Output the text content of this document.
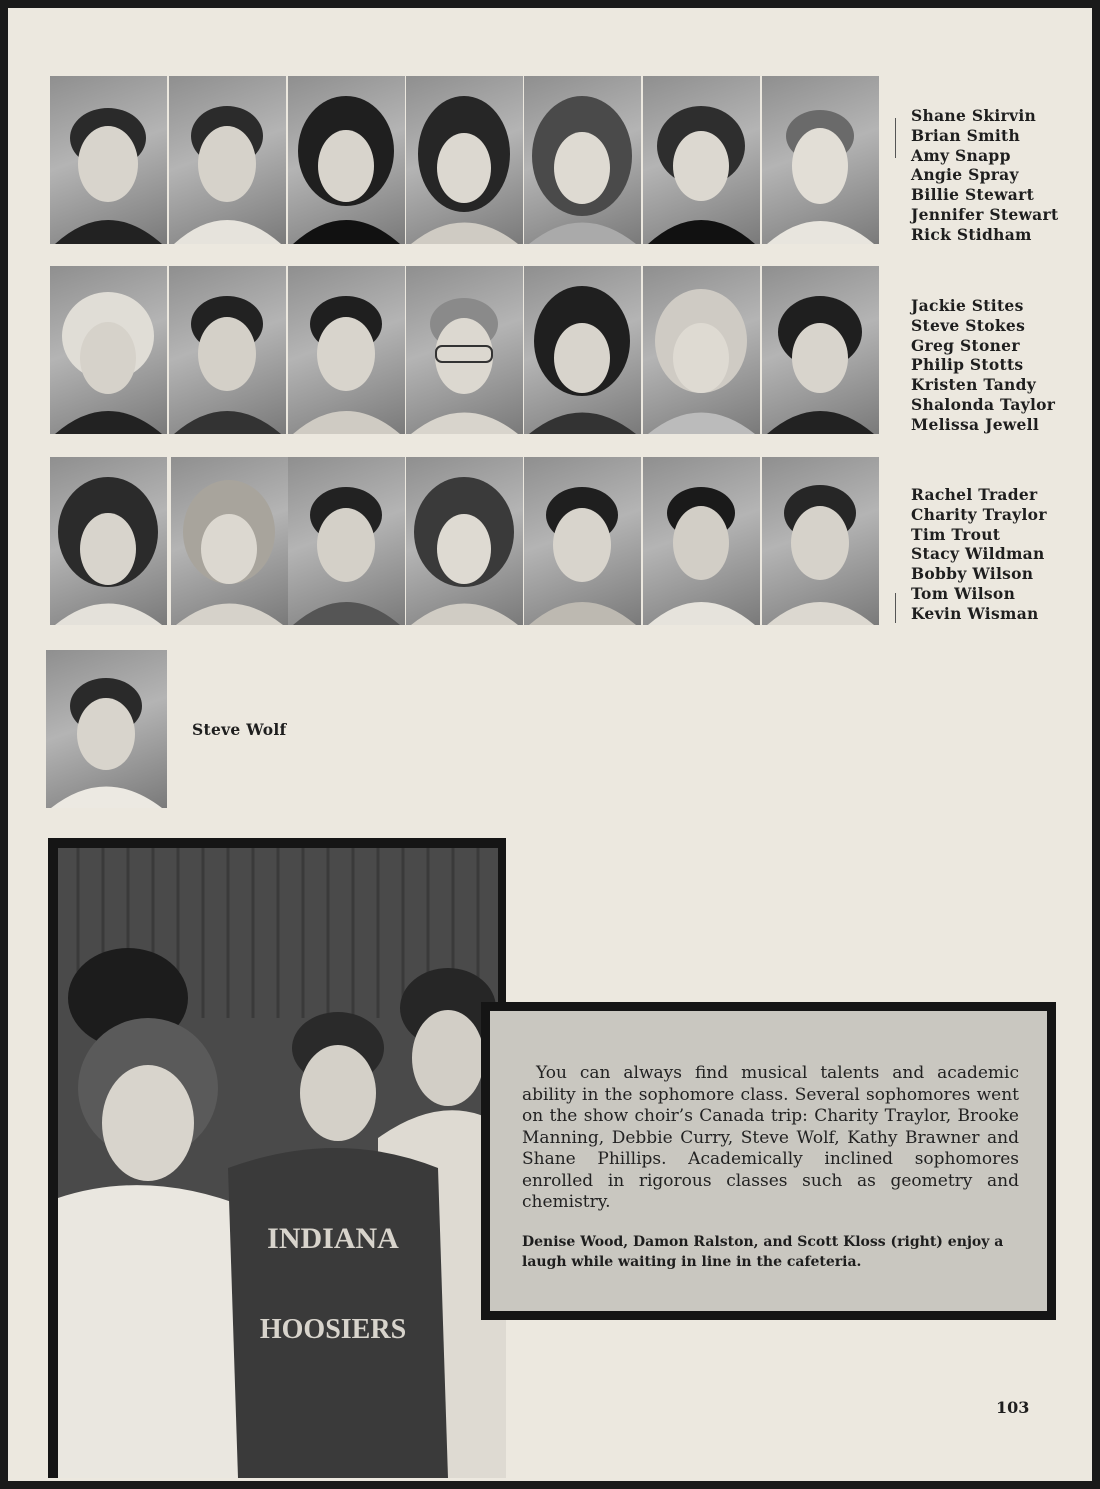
Shane Skirvin
Brian Smith
Amy Snapp
Angie Spray
Billie Stewart
Jennifer Stewart
Rick Stidham
Jackie Stites
Steve Stokes
Greg Stoner
Philip Stotts
Kristen Tandy
Shalonda Taylor
Melissa Jewell
Rachel Trader
Charity Traylor
Tim Trout
Stacy Wildman
Bobby Wilson
Tom Wilson
Kevin Wisman
Steve Wolf
INDIANA
HOOSIERS

You can always find musical talents and academic ability in the sophomore class. Several sophomores went on the show choir’s Canada trip: Charity Traylor, Brooke Manning, Debbie Curry, Steve Wolf, Kathy Brawner and Shane Phillips. Academically inclined sophomores enrolled in rigorous classes such as geometry and chemistry.

Denise Wood, Damon Ralston, and Scott Kloss (right) enjoy a laugh while waiting in line in the cafeteria.

103
